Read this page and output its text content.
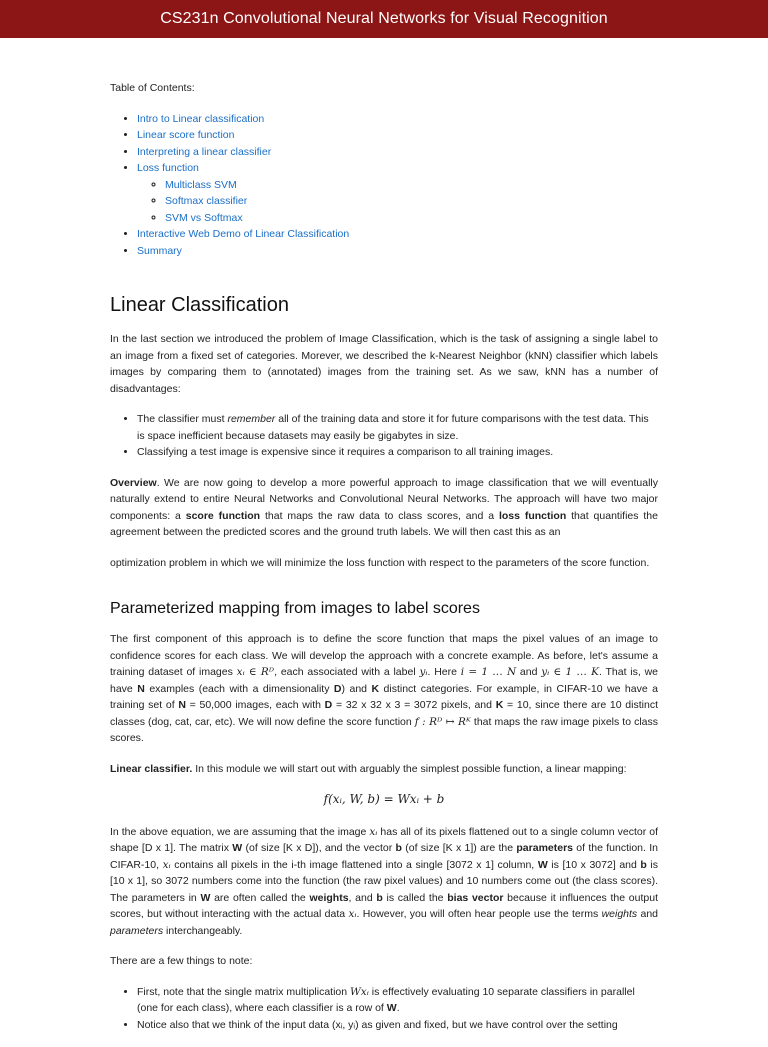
CS231n Convolutional Neural Networks for Visual Recognition
Table of Contents:
• Intro to Linear classification
• Linear score function
• Interpreting a linear classifier
• Loss function
◦ Multiclass SVM
◦ Softmax classifier
◦ SVM vs Softmax
• Interactive Web Demo of Linear Classification
• Summary
Linear Classification

In the last section we introduced the problem of Image Classification, which is the task of assigning a single label to an image from a fixed set of categories. Morever, we described the k-Nearest Neighbor (kNN) classifier which labels images by comparing them to (annotated) images from the training set. As we saw, kNN has a number of disadvantages:

• The classifier must remember all of the training data and store it for future comparisons with the test data. This is space inefficient because datasets may easily be gigabytes in size.
• Classifying a test image is expensive since it requires a comparison to all training images.

Overview. We are now going to develop a more powerful approach to image classification that we will eventually naturally extend to entire Neural Networks and Convolutional Neural Networks. The approach will have two major components: a score function that maps the raw data to class scores, and a loss function that quantifies the agreement between the predicted scores and the ground truth labels. We will then cast this as an

optimization problem in which we will minimize the loss function with respect to the parameters of the score function.

Parameterized mapping from images to label scores

The first component of this approach is to define the score function that maps the pixel values of an image to confidence scores for each class. We will develop the approach with a concrete example. As before, let's assume a training dataset of images xᵢ ∈ Rᴰ, each associated with a label yᵢ. Here i = 1 … N and yᵢ ∈ 1 … K. That is, we have N examples (each with a dimensionality D) and K distinct categories. For example, in CIFAR-10 we have a training set of N = 50,000 images, each with D = 32 x 32 x 3 = 3072 pixels, and K = 10, since there are 10 distinct classes (dog, cat, car, etc). We will now define the score function f : Rᴰ ↦ Rᴷ that maps the raw image pixels to class scores.

Linear classifier. In this module we will start out with arguably the simplest possible function, a linear mapping:

f(xᵢ, W, b) = Wxᵢ + b

In the above equation, we are assuming that the image xᵢ has all of its pixels flattened out to a single column vector of shape [D x 1]. The matrix W (of size [K x D]), and the vector b (of size [K x 1]) are the parameters of the function. In CIFAR-10, xᵢ contains all pixels in the i-th image flattened into a single [3072 x 1] column, W is [10 x 3072] and b is [10 x 1], so 3072 numbers come into the function (the raw pixel values) and 10 numbers come out (the class scores). The parameters in W are often called the weights, and b is called the bias vector because it influences the output scores, but without interacting with the actual data xᵢ. However, you will often hear people use the terms weights and parameters interchangeably.

There are a few things to note:

• First, note that the single matrix multiplication Wxᵢ is effectively evaluating 10 separate classifiers in parallel (one for each class), where each classifier is a row of W.
• Notice also that we think of the input data (xᵢ, yᵢ) as given and fixed, but we have control over the setting
